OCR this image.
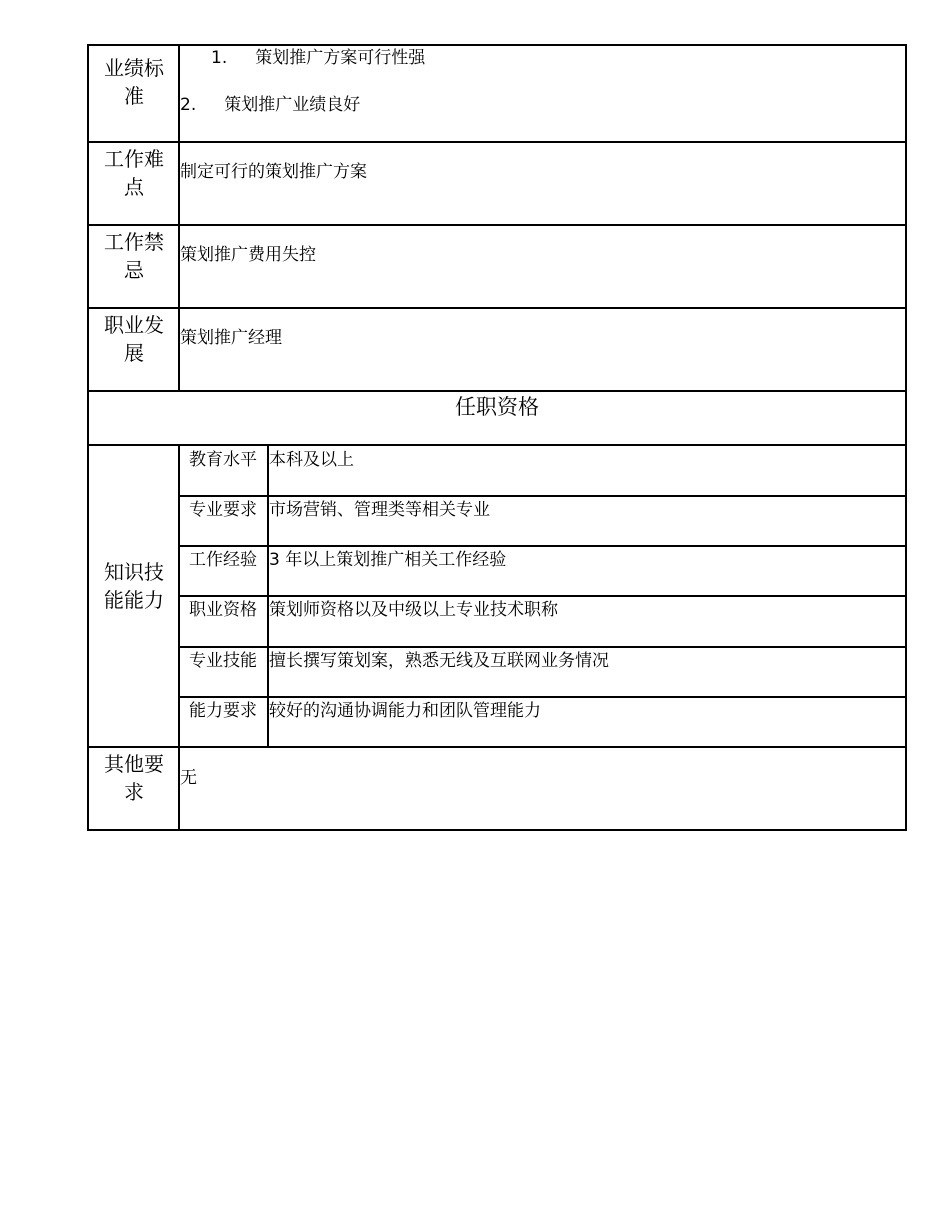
业绩标准
1. 策划推广方案可行性强
2. 策划推广业绩良好
工作难点
制定可行的策划推广方案
工作禁忌
策划推广费用失控
职业发展
策划推广经理
任职资格
知识技能能力
教育水平 本科及以上
专业要求 市场营销、管理类等相关专业
工作经验 3 年以上策划推广相关工作经验
职业资格 策划师资格以及中级以上专业技术职称
专业技能 擅长撰写策划案，熟悉无线及互联网业务情况
能力要求 较好的沟通协调能力和团队管理能力
其他要求
无
